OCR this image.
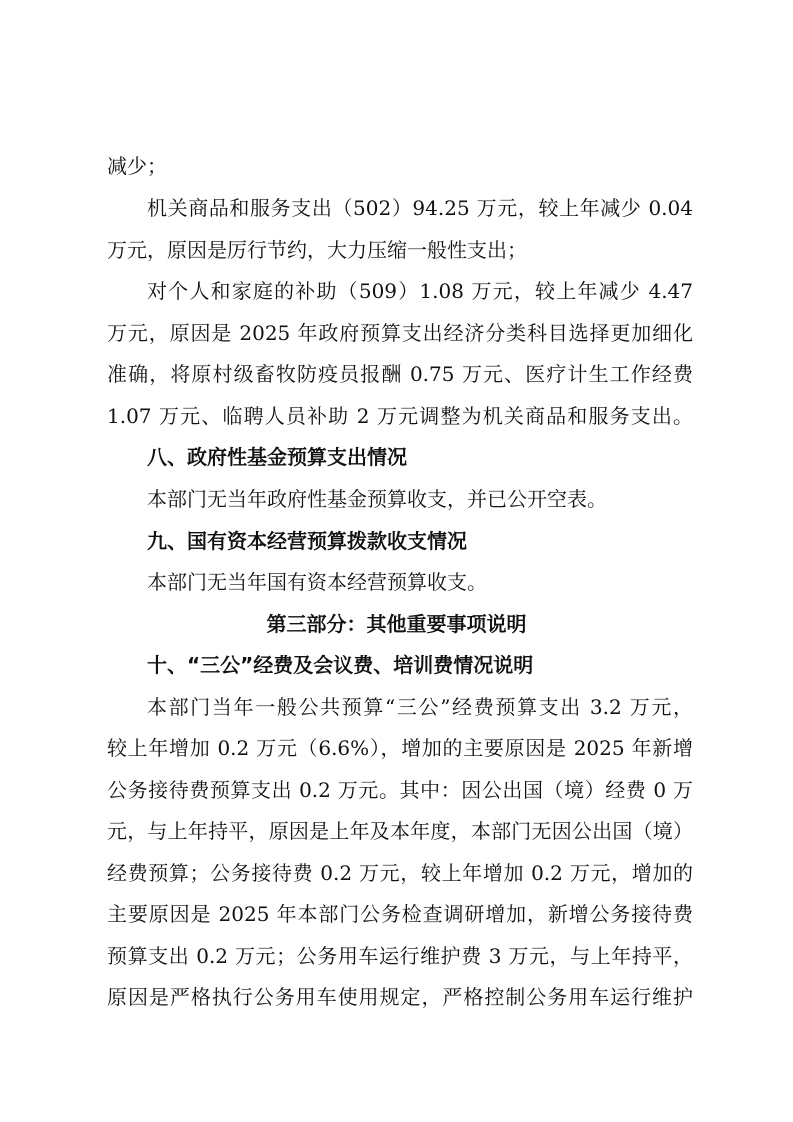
减少；
机关商品和服务支出（502）94.25 万元，较上年减少 0.04
万元，原因是厉行节约，大力压缩一般性支出；
对个人和家庭的补助（509）1.08 万元，较上年减少 4.47
万元，原因是 2025 年政府预算支出经济分类科目选择更加细化
准确，将原村级畜牧防疫员报酬 0.75 万元、医疗计生工作经费
1.07 万元、临聘人员补助 2 万元调整为机关商品和服务支出。
八、政府性基金预算支出情况
本部门无当年政府性基金预算收支，并已公开空表。
九、国有资本经营预算拨款收支情况
本部门无当年国有资本经营预算收支。
第三部分：其他重要事项说明
十、“三公”经费及会议费、培训费情况说明
本部门当年一般公共预算“三公”经费预算支出 3.2 万元，
较上年增加 0.2 万元（6.6%），增加的主要原因是 2025 年新增
公务接待费预算支出 0.2 万元。其中：因公出国（境）经费 0 万
元，与上年持平，原因是上年及本年度，本部门无因公出国（境）
经费预算；公务接待费 0.2 万元，较上年增加 0.2 万元，增加的
主要原因是 2025 年本部门公务检查调研增加，新增公务接待费
预算支出 0.2 万元；公务用车运行维护费 3 万元，与上年持平，
原因是严格执行公务用车使用规定，严格控制公务用车运行维护
